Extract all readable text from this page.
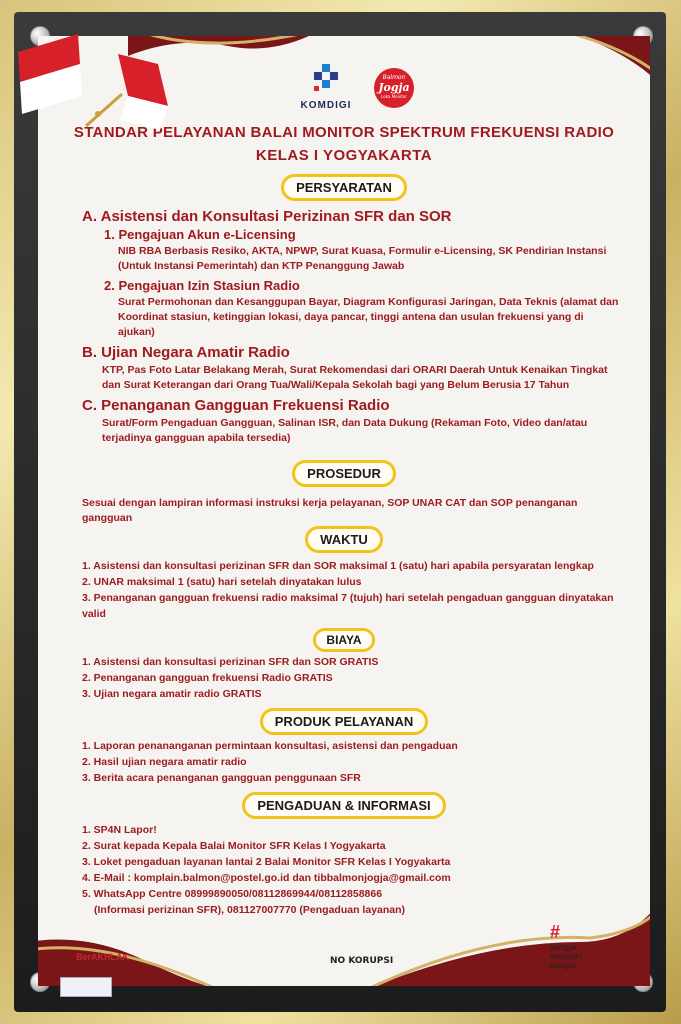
KOMDIGI
Balmon
Jogja
Loka Monitor
STANDAR PELAYANAN BALAI MONITOR SPEKTRUM FREKUENSI RADIO
KELAS I YOGYAKARTA
PERSYARATAN
A. Asistensi dan Konsultasi Perizinan SFR dan SOR
1. Pengajuan Akun e-Licensing
NIB RBA Berbasis Resiko, AKTA, NPWP, Surat Kuasa, Formulir e-Licensing, SK Pendirian Instansi (Untuk Instansi Pemerintah) dan KTP Penanggung Jawab
2. Pengajuan Izin Stasiun Radio
Surat Permohonan dan Kesanggupan Bayar, Diagram Konfigurasi Jaringan, Data Teknis (alamat dan Koordinat stasiun, ketinggian lokasi, daya pancar, tinggi antena dan usulan frekuensi yang di ajukan)
B. Ujian Negara Amatir Radio
KTP, Pas Foto Latar Belakang Merah, Surat Rekomendasi dari ORARI Daerah Untuk Kenaikan Tingkat dan Surat Keterangan dari Orang Tua/Wali/Kepala Sekolah bagi yang Belum Berusia 17 Tahun
C. Penanganan Gangguan Frekuensi Radio
Surat/Form Pengaduan Gangguan, Salinan ISR, dan Data Dukung (Rekaman Foto, Video dan/atau terjadinya gangguan apabila tersedia)
PROSEDUR
Sesuai dengan lampiran informasi instruksi kerja pelayanan, SOP UNAR CAT dan SOP penanganan gangguan
WAKTU
1. Asistensi dan konsultasi perizinan SFR dan SOR maksimal 1 (satu) hari apabila persyaratan lengkap
2. UNAR maksimal 1 (satu) hari setelah dinyatakan lulus
3. Penanganan gangguan frekuensi radio maksimal 7 (tujuh) hari setelah pengaduan gangguan dinyatakan valid
BIAYA
1. Asistensi dan konsultasi perizinan SFR dan SOR GRATIS
2. Penanganan gangguan frekuensi Radio GRATIS
3. Ujian negara amatir radio GRATIS
PRODUK PELAYANAN
1. Laporan penananganan permintaan konsultasi, asistensi dan pengaduan
2. Hasil ujian negara amatir radio
3. Berita acara penanganan gangguan penggunaan SFR
PENGADUAN & INFORMASI
1. SP4N Lapor!
2. Surat kepada Kepala Balai Monitor SFR Kelas I Yogyakarta
3. Loket pengaduan layanan lantai 2 Balai Monitor SFR Kelas I Yogyakarta
4. E-Mail : komplain.balmon@postel.go.id dan tibbalmonjogja@gmail.com
5. WhatsApp Centre 08999890050/08112869944/08112858866
(Informasi perizinan SFR), 081127007770 (Pengaduan layanan)
BerAKHLAK	NO KORUPSI
#
bangga
melayani
bangsa
